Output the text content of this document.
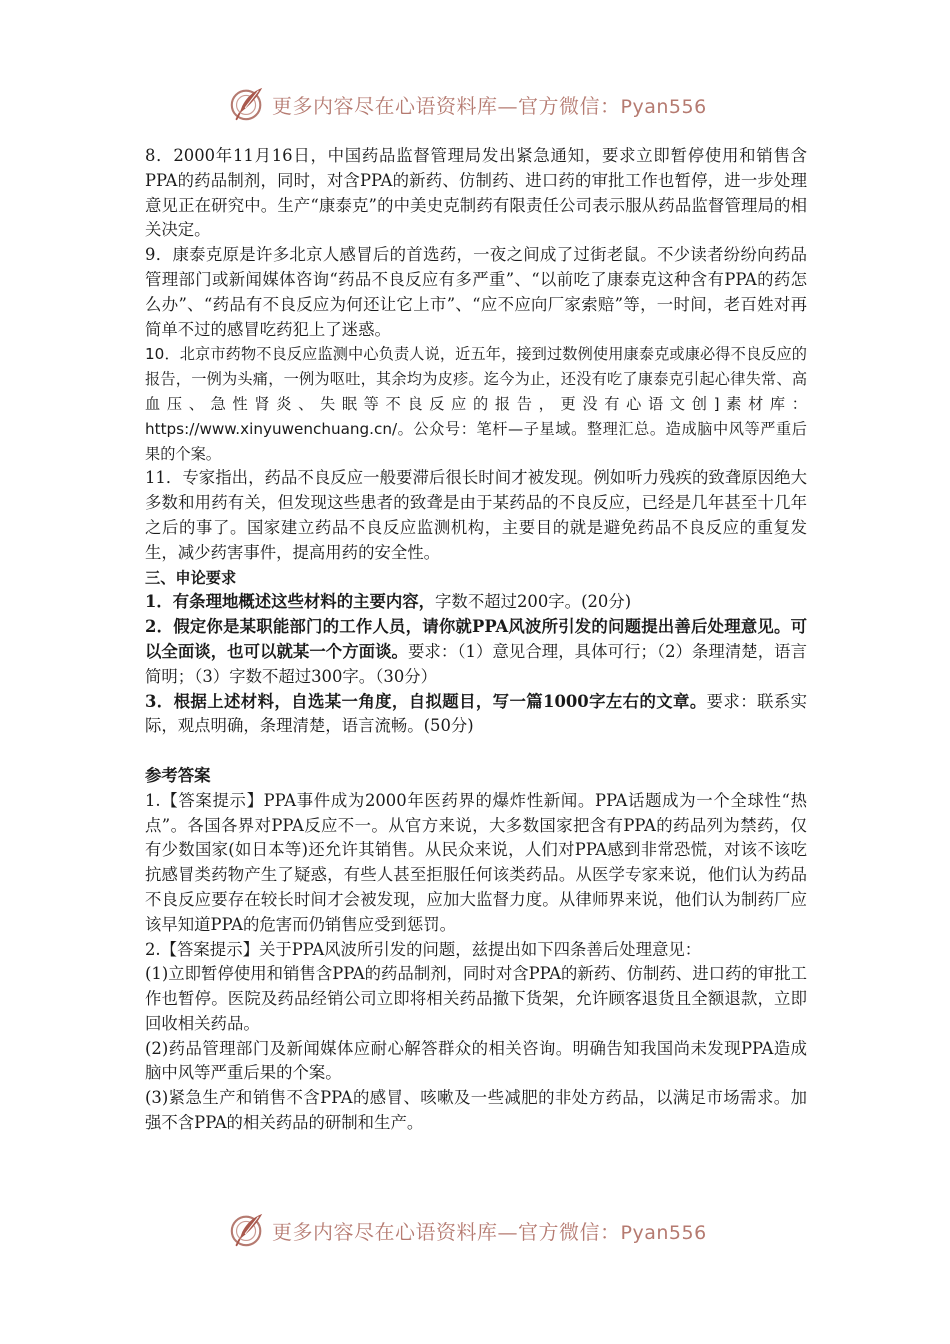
更多内容尽在心语资料库—官方微信：Pyan556

8．2000年11月16日，中国药品监督管理局发出紧急通知，要求立即暂停使用和销售含PPA的药品制剂，同时，对含PPA的新药、仿制药、进口药的审批工作也暂停，进一步处理意见正在研究中。生产“康泰克”的中美史克制药有限责任公司表示服从药品监督管理局的相关决定。

9．康泰克原是许多北京人感冒后的首选药，一夜之间成了过街老鼠。不少读者纷纷向药品管理部门或新闻媒体咨询“药品不良反应有多严重”、“以前吃了康泰克这种含有PPA的药怎么办”、“药品有不良反应为何还让它上市”、“应不应向厂家索赔”等，一时间，老百姓对再简单不过的感冒吃药犯上了迷惑。

10．北京市药物不良反应监测中心负责人说，近五年，接到过数例使用康泰克或康必得不良反应的报告，一例为头痛，一例为呕吐，其余均为皮疹。迄今为止，还没有吃了康泰克引起心律失常、高血压、急性肾炎、失眠等不良反应的报告，更没有心语文创]素材库：https://www.xinyuwenchuang.cn/。公众号：笔杆—子星域。整理汇总。造成脑中风等严重后果的个案。

11．专家指出，药品不良反应一般要滞后很长时间才被发现。例如听力残疾的致聋原因绝大多数和用药有关，但发现这些患者的致聋是由于某药品的不良反应，已经是几年甚至十几年之后的事了。国家建立药品不良反应监测机构，主要目的就是避免药品不良反应的重复发生，减少药害事件，提高用药的安全性。

三、申论要求

1．有条理地概述这些材料的主要内容，字数不超过200字。(20分)

2．假定你是某职能部门的工作人员，请你就PPA风波所引发的问题提出善后处理意见。可以全面谈，也可以就某一个方面谈。要求：（1）意见合理，具体可行；（2）条理清楚，语言简明；（3）字数不超过300字。（30分）

3．根据上述材料，自选某一角度，自拟题目，写一篇1000字左右的文章。要求：联系实际，观点明确，条理清楚，语言流畅。(50分)

参考答案

1.【答案提示】PPA事件成为2000年医药界的爆炸性新闻。PPA话题成为一个全球性“热点”。各国各界对PPA反应不一。从官方来说，大多数国家把含有PPA的药品列为禁药，仅有少数国家(如日本等)还允许其销售。从民众来说，人们对PPA感到非常恐慌，对该不该吃抗感冒类药物产生了疑惑，有些人甚至拒服任何该类药品。从医学专家来说，他们认为药品不良反应要存在较长时间才会被发现，应加大监督力度。从律师界来说，他们认为制药厂应该早知道PPA的危害而仍销售应受到惩罚。

2.【答案提示】关于PPA风波所引发的问题，兹提出如下四条善后处理意见：

(1)立即暂停使用和销售含PPA的药品制剂，同时对含PPA的新药、仿制药、进口药的审批工作也暂停。医院及药品经销公司立即将相关药品撤下货架，允许顾客退货且全额退款，立即回收相关药品。

(2)药品管理部门及新闻媒体应耐心解答群众的相关咨询。明确告知我国尚未发现PPA造成脑中风等严重后果的个案。

(3)紧急生产和销售不含PPA的感冒、咳嗽及一些减肥的非处方药品，以满足市场需求。加强不含PPA的相关药品的研制和生产。

更多内容尽在心语资料库—官方微信：Pyan556
